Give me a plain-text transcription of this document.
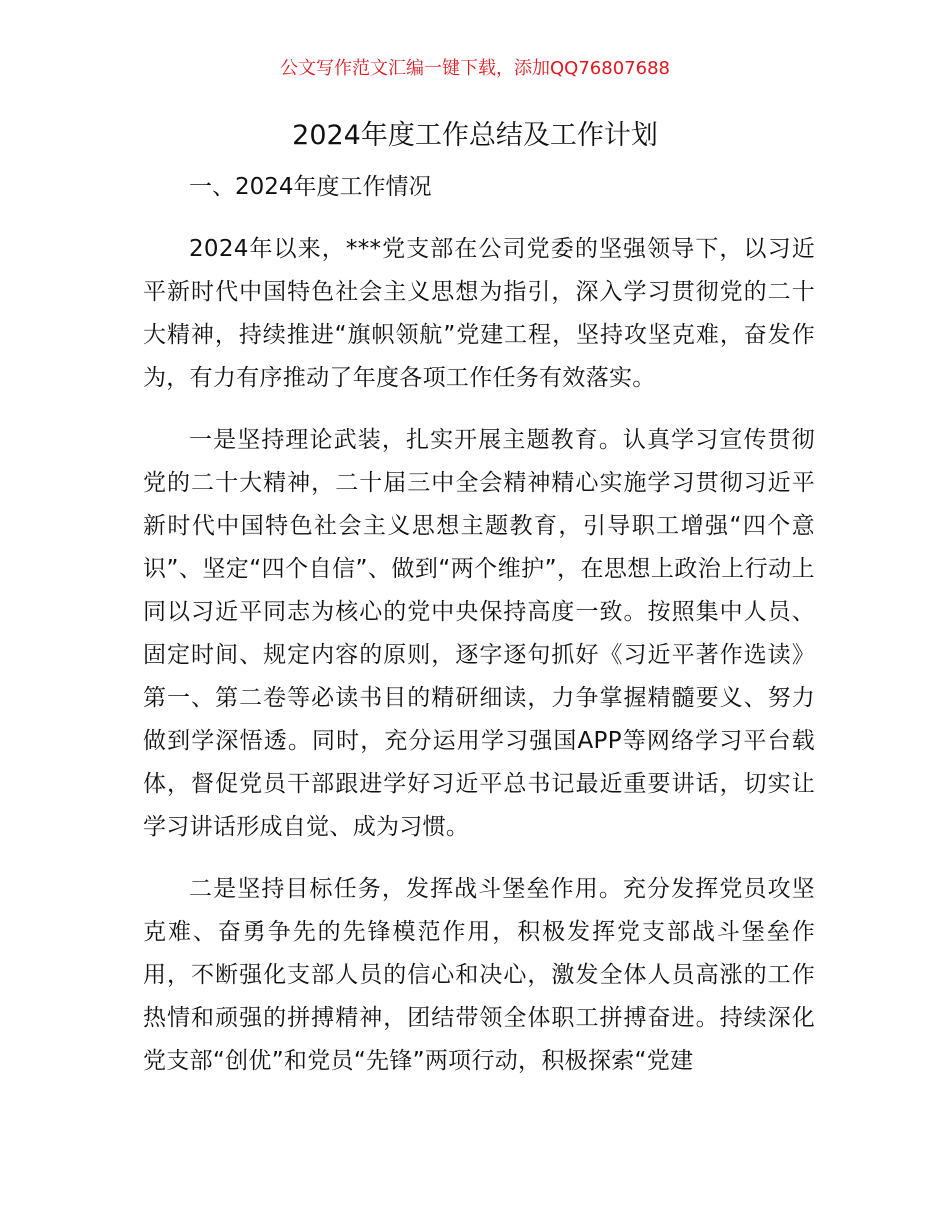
公文写作范文汇编一键下载，添加QQ76807688
2024年度工作总结及工作计划
一、2024年度工作情况

2024年以来，***党支部在公司党委的坚强领导下，以习近平新时代中国特色社会主义思想为指引，深入学习贯彻党的二十大精神，持续推进“旗帜领航”党建工程，坚持攻坚克难，奋发作为，有力有序推动了年度各项工作任务有效落实。

一是坚持理论武装，扎实开展主题教育。认真学习宣传贯彻党的二十大精神，二十届三中全会精神精心实施学习贯彻习近平新时代中国特色社会主义思想主题教育，引导职工增强“四个意识”、坚定“四个自信”、做到“两个维护”，在思想上政治上行动上同以习近平同志为核心的党中央保持高度一致。按照集中人员、固定时间、规定内容的原则，逐字逐句抓好《习近平著作选读》第一、第二卷等必读书目的精研细读，力争掌握精髓要义、努力做到学深悟透。同时，充分运用学习强国APP等网络学习平台载体，督促党员干部跟进学好习近平总书记最近重要讲话，切实让学习讲话形成自觉、成为习惯。

二是坚持目标任务，发挥战斗堡垒作用。充分发挥党员攻坚克难、奋勇争先的先锋模范作用，积极发挥党支部战斗堡垒作用，不断强化支部人员的信心和决心，激发全体人员高涨的工作热情和顽强的拼搏精神，团结带领全体职工拼搏奋进。持续深化党支部“创优”和党员“先锋”两项行动，积极探索“党建
